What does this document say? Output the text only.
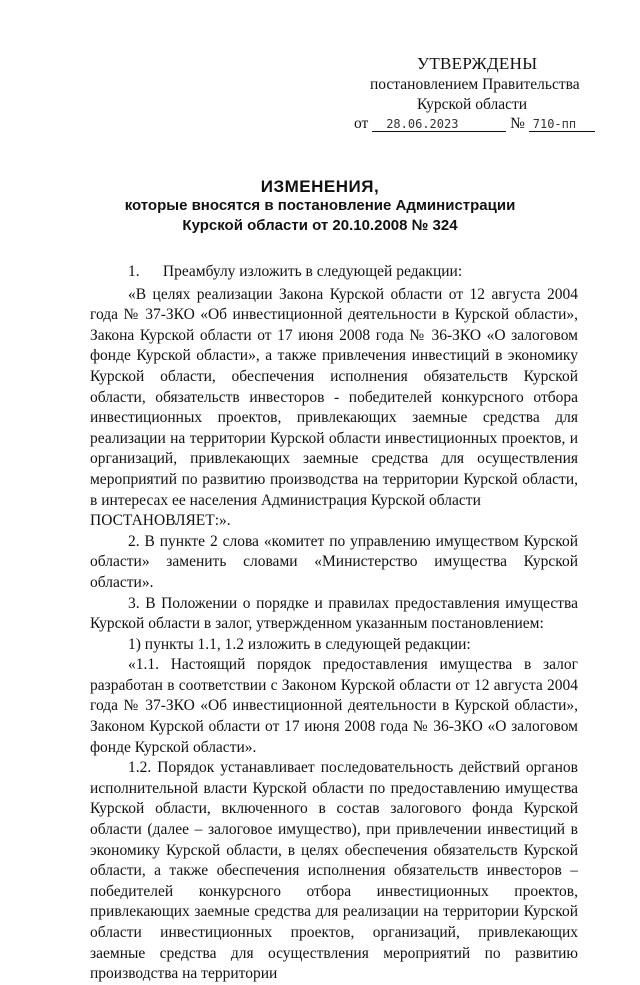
УТВЕРЖДЕНЫ
постановлением Правительства
Курской области
от 28.06.2023	№ 710-пп
ИЗМЕНЕНИЯ,
которые вносятся в постановление Администрации
Курской области от 20.10.2008 № 324

1.      Преамбулу изложить в следующей редакции:

«В целях реализации Закона Курской области от 12 августа 2004 года № 37-ЗКО «Об инвестиционной деятельности в Курской области», Закона Курской области от 17 июня 2008 года № 36-ЗКО «О залоговом фонде Курской области», а также привлечения инвестиций в экономику Курской области, обеспечения исполнения обязательств Курской области, обязательств инвесторов - победителей конкурсного отбора инвестиционных проектов, привлекающих заемные средства для реализации на территории Курской области инвестиционных проектов, и организаций, привлекающих заемные средства для осуществления мероприятий по развитию производства на территории Курской области, в интересах ее населения Администрация Курской области

ПОСТАНОВЛЯЕТ:».

2. В пункте 2 слова «комитет по управлению имуществом Курской области» заменить словами «Министерство имущества Курской области».

3. В Положении о порядке и правилах предоставления имущества Курской области в залог, утвержденном указанным постановлением:

1) пункты 1.1, 1.2 изложить в следующей редакции:

«1.1. Настоящий порядок предоставления имущества в залог разработан в соответствии с Законом Курской области от 12 августа 2004 года № 37-ЗКО «Об инвестиционной деятельности в Курской области», Законом Курской области от 17 июня 2008 года № 36-ЗКО «О залоговом фонде Курской области».

1.2. Порядок устанавливает последовательность действий органов исполнительной власти Курской области по предоставлению имущества Курской области, включенного в состав залогового фонда Курской области (далее – залоговое имущество), при привлечении инвестиций в экономику Курской области, в целях обеспечения обязательств Курской области, а также обеспечения исполнения обязательств инвесторов – победителей конкурсного отбора инвестиционных проектов, привлекающих заемные средства для реализации на территории Курской области инвестиционных проектов, организаций, привлекающих заемные средства для осуществления мероприятий по развитию производства на территории
